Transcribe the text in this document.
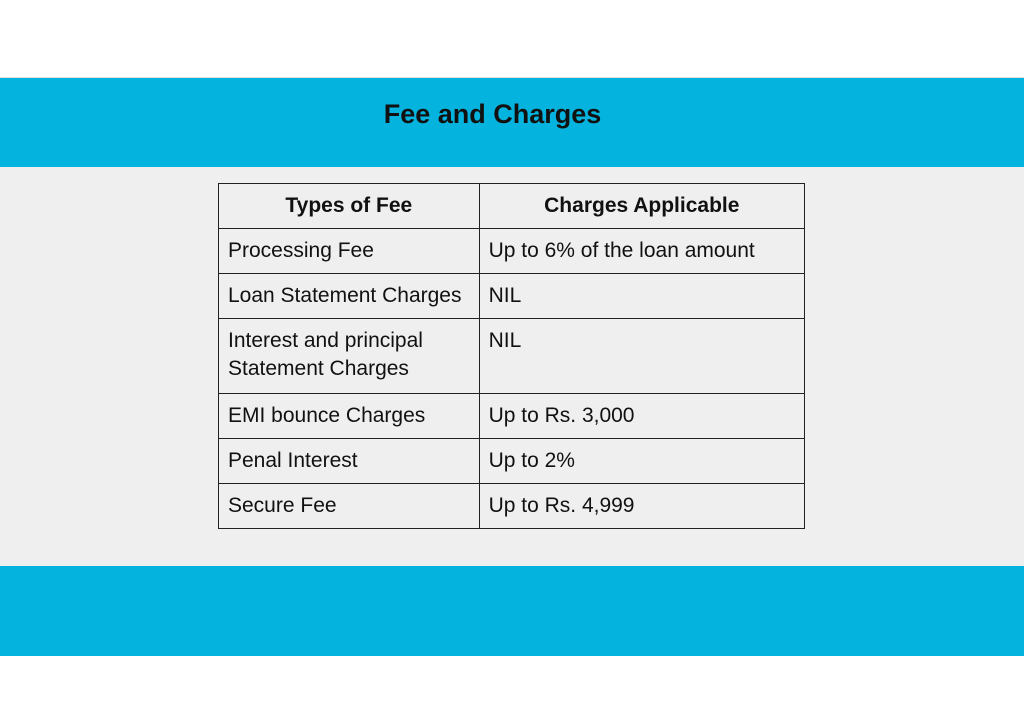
Fee and Charges
Types of Fee	Charges Applicable
Processing Fee	Up to 6% of the loan amount
Loan Statement Charges	NIL
Interest and principal Statement Charges	NIL
EMI bounce Charges	Up to Rs. 3,000
Penal Interest	Up to 2%
Secure Fee	Up to Rs. 4,999
